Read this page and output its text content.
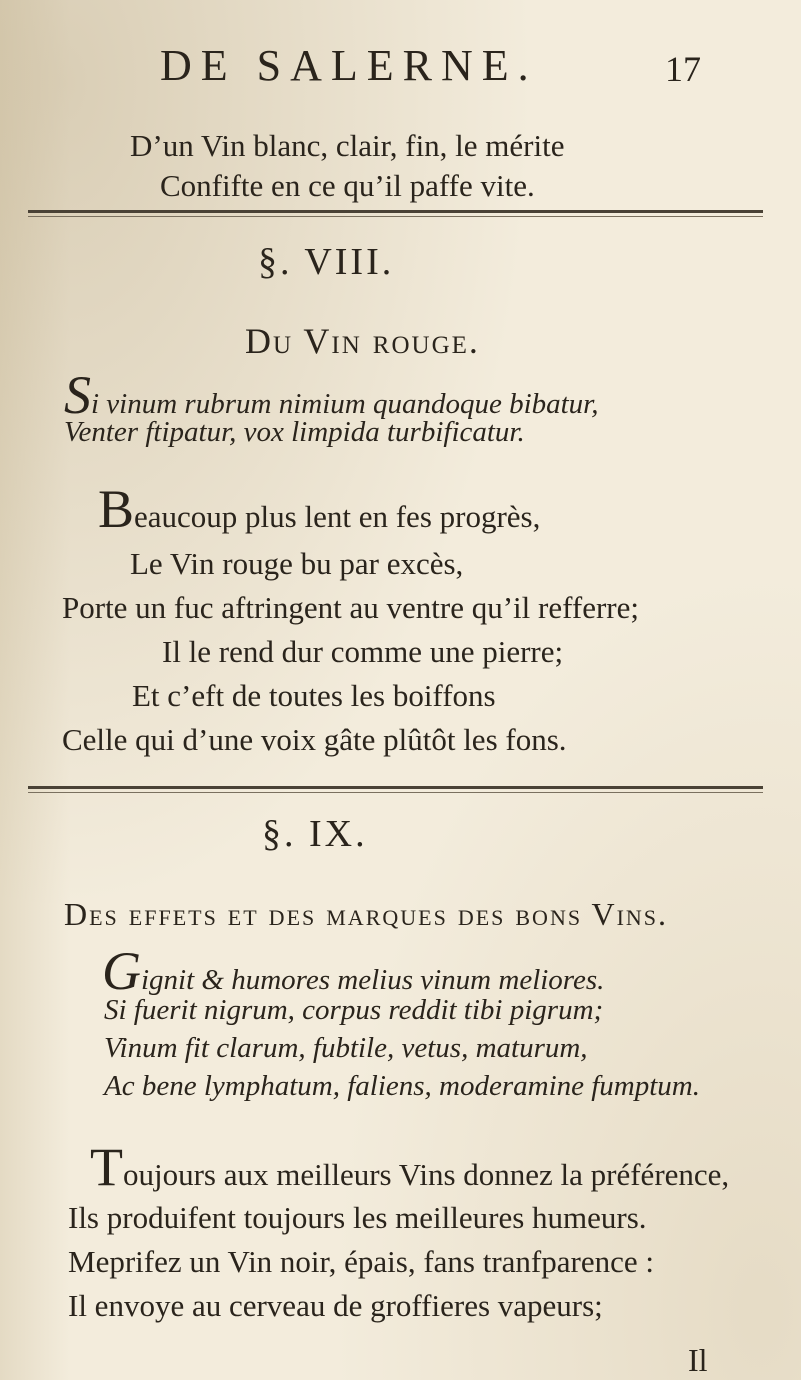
DE SALERNE.	17
D’un Vin blanc, clair, fin, le mérite
Confifte en ce qu’il paffe vite.
§. VIII.
Du Vin rouge.
Si vinum rubrum nimium quandoque bibatur,
Venter ftipatur, vox limpida turbificatur.
Beaucoup plus lent en fes progrès,
Le Vin rouge bu par excès,
Porte un fuc aftringent au ventre qu’il refferre;
Il le rend dur comme une pierre;
Et c’eft de toutes les boiffons
Celle qui d’une voix gâte plûtôt les fons.
§. IX.
Des effets et des marques des bons Vins.
Gignit & humores melius vinum meliores.
Si fuerit nigrum, corpus reddit tibi pigrum;
Vinum fit clarum, fubtile, vetus, maturum,
Ac bene lymphatum, faliens, moderamine fumptum.
Toujours aux meilleurs Vins donnez la préférence,
Ils produifent toujours les meilleures humeurs.
Meprifez un Vin noir, épais, fans tranfparence :
Il envoye au cerveau de groffieres vapeurs;
Il
